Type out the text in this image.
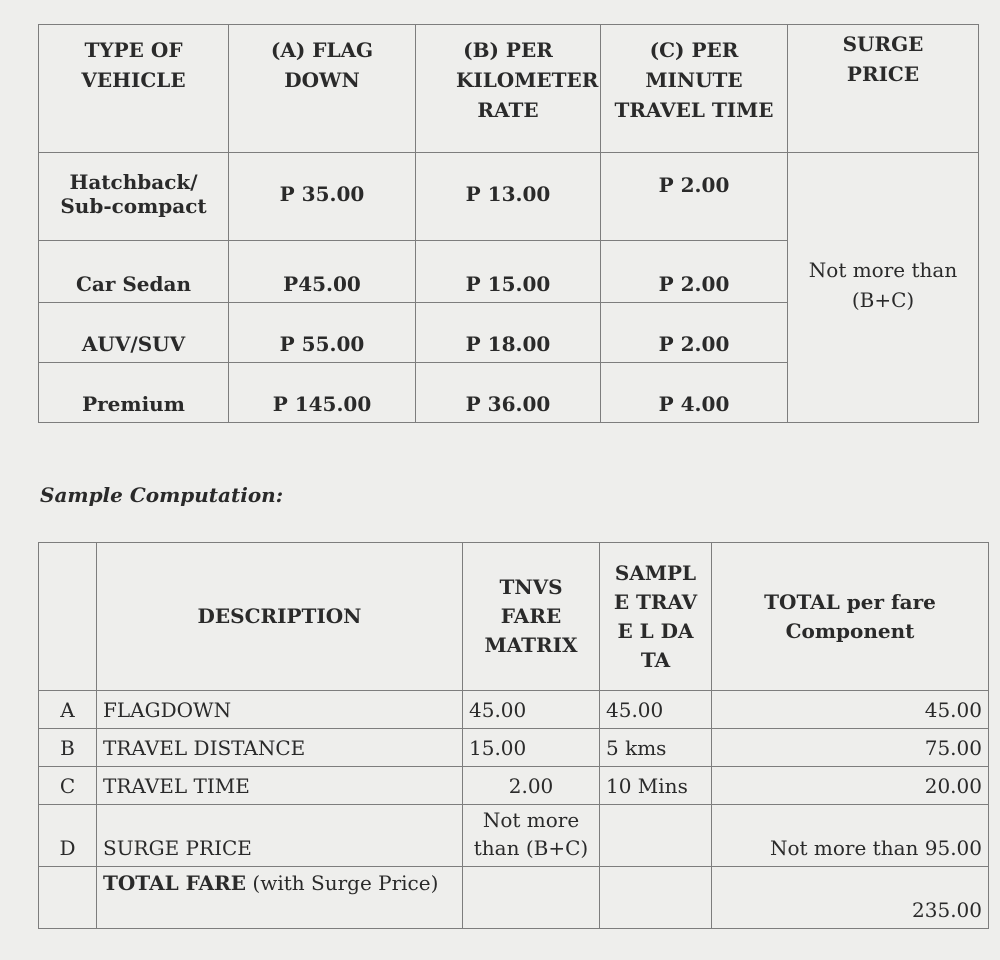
TYPE OF VEHICLE	(A) FLAG DOWN	(B) PER KILOMETER RATE	(C) PER MINUTE TRAVEL TIME	SURGE PRICE
Hatchback/ Sub-compact	P 35.00	P 13.00	P 2.00	Not more than (B+C)
Car Sedan	P45.00	P 15.00	P 2.00	
AUV/SUV	P 55.00	P 18.00	P 2.00	
Premium	P 145.00	P 36.00	P 4.00	
Sample Computation:
	DESCRIPTION	TNVS FARE MATRIX	SAMPL E TRAVE L DATA	TOTAL per fare Component
A	FLAGDOWN	45.00	45.00	45.00
B	TRAVEL DISTANCE	15.00	5 kms	75.00
C	TRAVEL TIME	2.00	10 Mins	20.00
D	SURGE PRICE	Not more than (B+C)		Not more than 95.00
	TOTAL FARE (with Surge Price)			235.00
